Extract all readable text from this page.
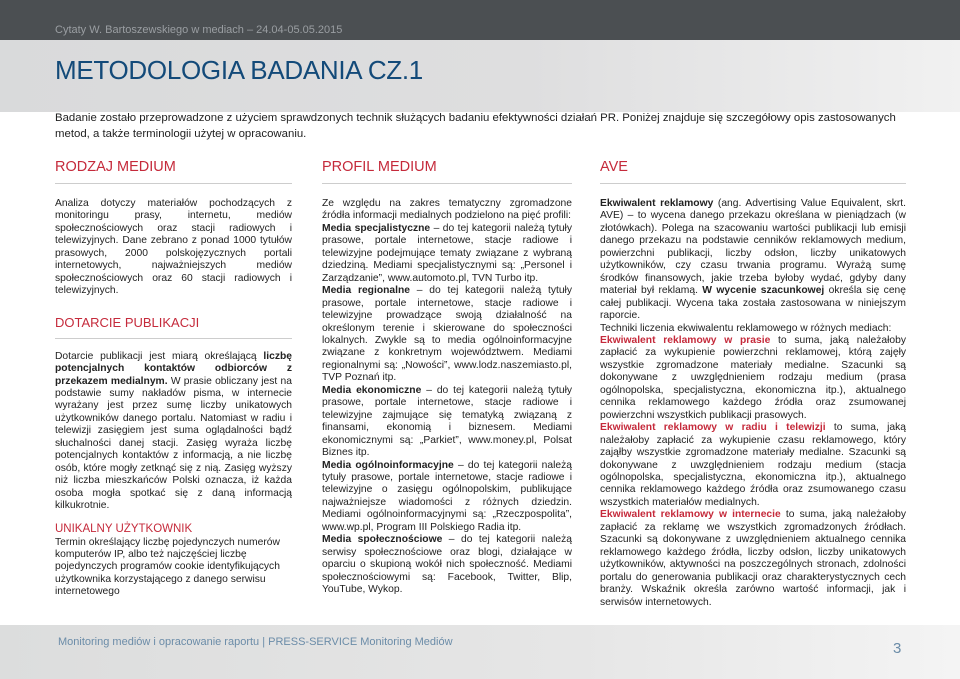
Cytaty W. Bartoszewskiego w mediach – 24.04-05.05.2015
METODOLOGIA BADANIA CZ.1

Badanie zostało przeprowadzone z użyciem sprawdzonych technik służących badaniu efektywności działań PR. Poniżej znajduje się szczegółowy opis zastosowanych metod, a także terminologii użytej w opracowaniu.

RODZAJ MEDIUM

Analiza dotyczy materiałów pochodzących z monitoringu prasy, internetu, mediów społecznościowych oraz stacji radiowych i telewizyjnych. Dane zebrano z ponad 1000 tytułów prasowych, 2000 polskojęzycznych portali internetowych, najważniejszych mediów społecznościowych oraz 60 stacji radiowych i telewizyjnych.

DOTARCIE PUBLIKACJI

Dotarcie publikacji jest miarą określającą liczbę potencjalnych kontaktów odbiorców z przekazem medialnym. W prasie obliczany jest na podstawie sumy nakładów pisma, w internecie wyrażany jest przez sumę liczby unikatowych użytkowników danego portalu. Natomiast w radiu i telewizji zasięgiem jest suma oglądalności bądź słuchalności danej stacji. Zasięg wyraża liczbę potencjalnych kontaktów z informacją, a nie liczbę osób, które mogły zetknąć się z nią. Zasięg wyższy niż liczba mieszkańców Polski oznacza, iż każda osoba mogła spotkać się z daną informacją kilkukrotnie.

UNIKALNY UŻYTKOWNIK

Termin określający liczbę pojedynczych numerów komputerów IP, albo też najczęściej liczbę pojedynczych programów cookie identyfikujących użytkownika korzystającego z danego serwisu internetowego

PROFIL MEDIUM

Ze względu na zakres tematyczny zgromadzone źródła informacji medialnych podzielono na pięć profili:
Media specjalistyczne – do tej kategorii należą tytuły prasowe, portale internetowe, stacje radiowe i telewizyjne podejmujące tematy związane z wybraną dziedziną. Mediami specjalistycznymi są: „Personel i Zarządzanie”, www.automoto.pl, TVN Turbo itp.
Media regionalne – do tej kategorii należą tytuły prasowe, portale internetowe, stacje radiowe i telewizyjne prowadzące swoją działalność na określonym terenie i skierowane do społeczności lokalnych. Zwykle są to media ogólnoinformacyjne związane z konkretnym województwem. Mediami regionalnymi są: „Nowości”, www.lodz.naszemiasto.pl, TVP Poznań itp.
Media ekonomiczne – do tej kategorii należą tytuły prasowe, portale internetowe, stacje radiowe i telewizyjne zajmujące się tematyką związaną z finansami, ekonomią i biznesem. Mediami ekonomicznymi są: „Parkiet”, www.money.pl, Polsat Biznes itp.
Media ogólnoinformacyjne – do tej kategorii należą tytuły prasowe, portale internetowe, stacje radiowe i telewizyjne o zasięgu ogólnopolskim, publikujące najważniejsze wiadomości z różnych dziedzin. Mediami ogólnoinformacyjnymi są: „Rzeczpospolita”, www.wp.pl, Program III Polskiego Radia itp.
Media społecznościowe – do tej kategorii należą serwisy społecznościowe oraz blogi, działające w oparciu o skupioną wokół nich społeczność. Mediami społecznościowymi są: Facebook, Twitter, Blip, YouTube, Wykop.

AVE

Ekwiwalent reklamowy (ang. Advertising Value Equivalent, skrt. AVE) – to wycena danego przekazu określana w pieniądzach (w złotówkach). Polega na szacowaniu wartości publikacji lub emisji danego przekazu na podstawie cenników reklamowych medium, powierzchni publikacji, liczby odsłon, liczby unikatowych użytkowników, czy czasu trwania programu. Wyrażą sumę środków finansowych, jakie trzeba byłoby wydać, gdyby dany materiał był reklamą. W wycenie szacunkowej określa się cenę całej publikacji. Wycena taka została zastosowana w niniejszym raporcie.
Techniki liczenia ekwiwalentu reklamowego w różnych mediach:
Ekwiwalent reklamowy w prasie to suma, jaką należałoby zapłacić za wykupienie powierzchni reklamowej, którą zajęły wszystkie zgromadzone materiały medialne. Szacunki są dokonywane z uwzględnieniem rodzaju medium (prasa ogólnopolska, specjalistyczna, ekonomiczna itp.), aktualnego cennika reklamowego każdego źródła oraz zsumowanej powierzchni wszystkich publikacji prasowych.
Ekwiwalent reklamowy w radiu i telewizji to suma, jaką należałoby zapłacić za wykupienie czasu reklamowego, który zająłby wszystkie zgromadzone materiały medialne. Szacunki są dokonywane z uwzględnieniem rodzaju medium (stacja ogólnopolska, specjalistyczna, ekonomiczna itp.), aktualnego cennika reklamowego każdego źródła oraz zsumowanego czasu wszystkich materiałów medialnych.
Ekwiwalent reklamowy w internecie to suma, jaką należałoby zapłacić za reklamę we wszystkich zgromadzonych źródłach. Szacunki są dokonywane z uwzględnieniem aktualnego cennika reklamowego każdego źródła, liczby odsłon, liczby unikatowych użytkowników, aktywności na poszczególnych stronach, zdolności portalu do generowania publikacji oraz charakterystycznych cech branży. Wskaźnik określa zarówno wartość informacji, jak i serwisów internetowych.

Monitoring mediów i opracowanie raportu | PRESS-SERVICE Monitoring Mediów	3
